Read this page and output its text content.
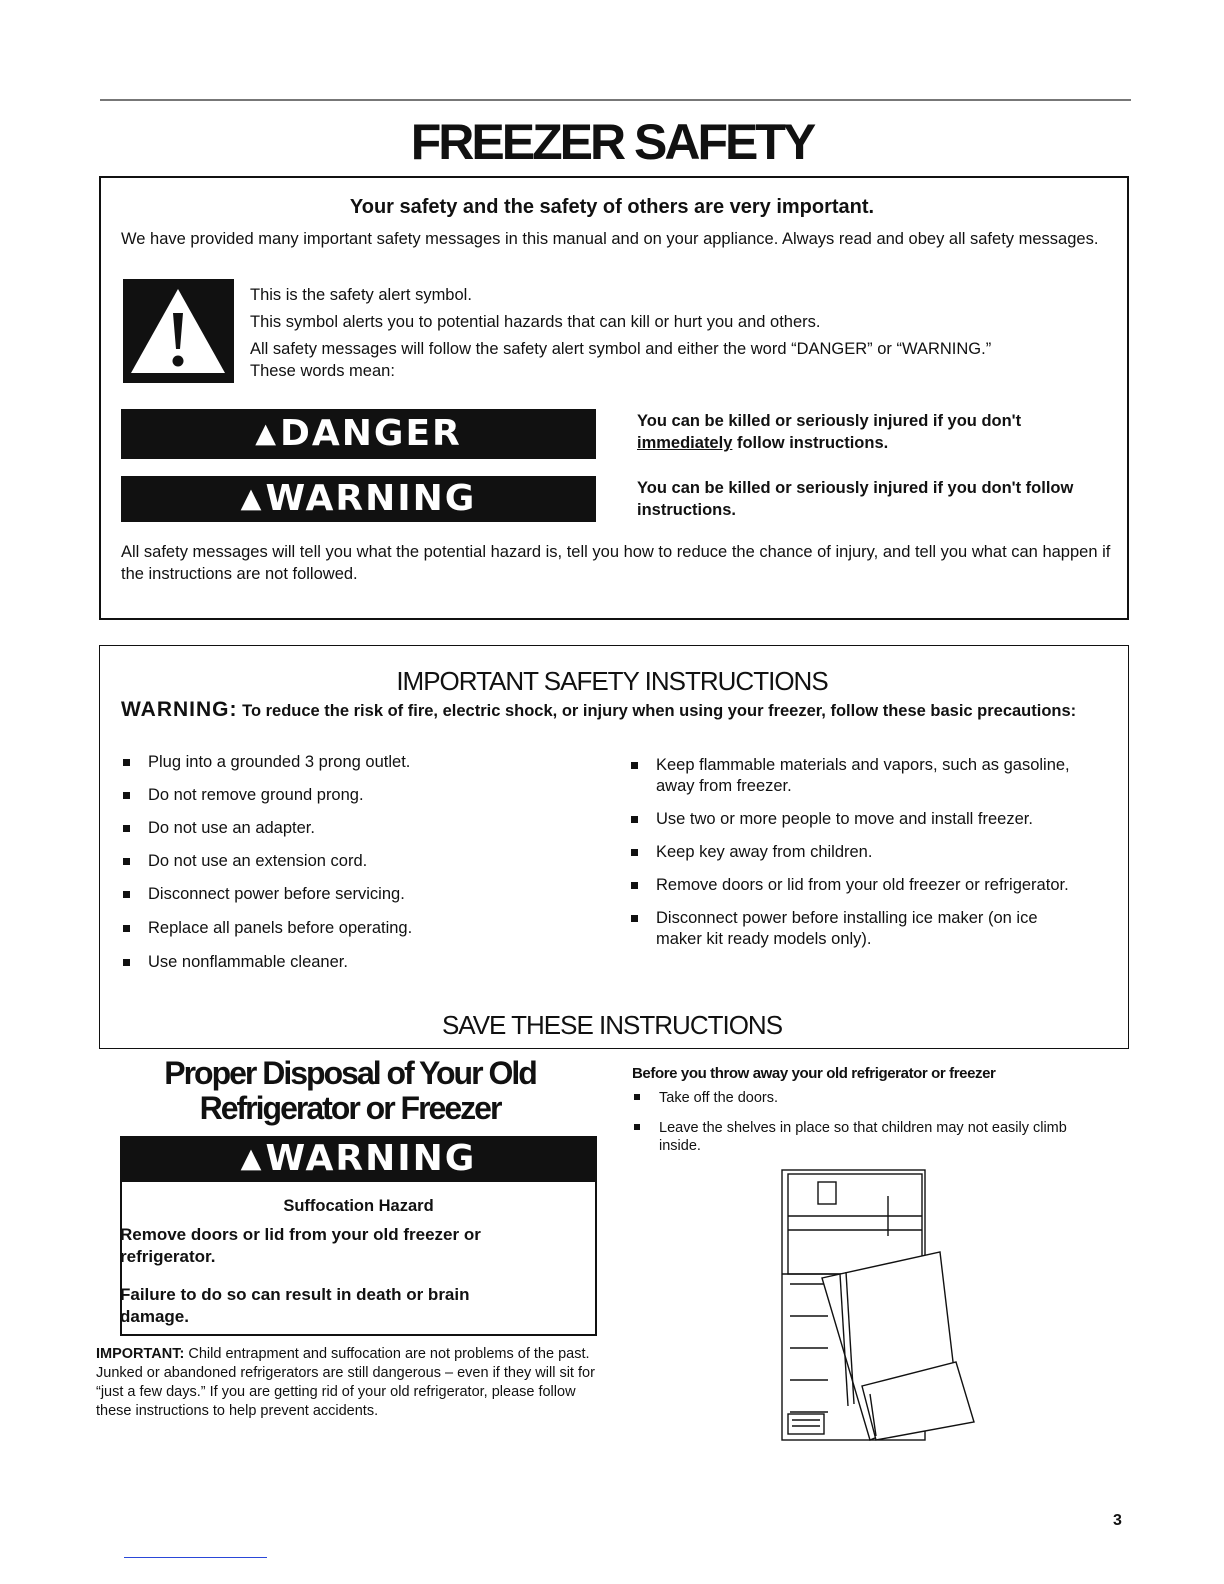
FREEZER SAFETY
Your safety and the safety of others are very important.
We have provided many important safety messages in this manual and on your appliance. Always read and obey all safety messages.
This is the safety alert symbol.
This symbol alerts you to potential hazards that can kill or hurt you and others.
All safety messages will follow the safety alert symbol and either the word “DANGER” or “WARNING.” These words mean:
▲DANGER	You can be killed or seriously injured if you don't
immediately follow instructions.
▲WARNING	You can be killed or seriously injured if you don't follow instructions.
All safety messages will tell you what the potential hazard is, tell you how to reduce the chance of injury, and tell you what can happen if the instructions are not followed.
IMPORTANT SAFETY INSTRUCTIONS
WARNING: To reduce the risk of fire, electric shock, or injury when using your freezer, follow these basic precautions:
Plug into a grounded 3 prong outlet.
Do not remove ground prong.
Do not use an adapter.
Do not use an extension cord.
Disconnect power before servicing.
Replace all panels before operating.
Use nonflammable cleaner.
Keep flammable materials and vapors, such as gasoline, away from freezer.
Use two or more people to move and install freezer.
Keep key away from children.
Remove doors or lid from your old freezer or refrigerator.
Disconnect power before installing ice maker (on ice maker kit ready models only).
SAVE THESE INSTRUCTIONS
Proper Disposal of Your Old
Refrigerator or Freezer
▲WARNING
Suffocation Hazard
Remove doors or lid from your old freezer or refrigerator.
Failure to do so can result in death or brain damage.
IMPORTANT: Child entrapment and suffocation are not problems of the past. Junked or abandoned refrigerators are still dangerous – even if they will sit for “just a few days.” If you are getting rid of your old refrigerator, please follow these instructions to help prevent accidents.
Before you throw away your old refrigerator or freezer
Take off the doors.
Leave the shelves in place so that children may not easily climb inside.
3
